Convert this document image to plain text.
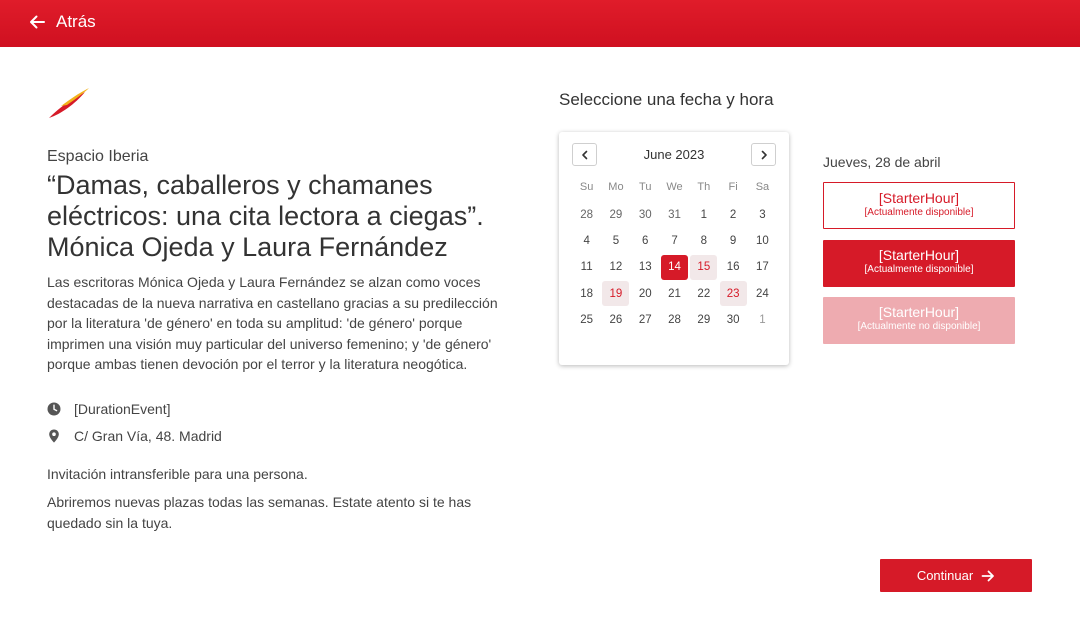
Atrás
Espacio Iberia
“Damas, caballeros y chamanes eléctricos: una cita lectora a ciegas”. Mónica Ojeda y Laura Fernández
Las escritoras Mónica Ojeda y Laura Fernández se alzan como voces destacadas de la nueva narrativa en castellano gracias a su predilección por la literatura 'de género' en toda su amplitud: 'de género' porque imprimen una visión muy particular del universo femenino; y 'de género' porque ambas tienen devoción por el terror y la literatura neogótica.
[DurationEvent]
C/ Gran Vía, 48. Madrid
Invitación intransferible para una persona.
Abriremos nuevas plazas todas las semanas. Estate atento si te has quedado sin la tuya.
Seleccione una fecha y hora
June 2023
Su	Mo	Tu	We	Th	Fi	Sa
28	29	30	31	1	2	3
4	5	6	7	8	9	10
11	12	13	14	15	16	17
18	19	20	21	22	23	24
25	26	27	28	29	30	1
Jueves, 28 de abril
[StarterHour]
[Actualmente disponible]
[StarterHour]
[Actualmente disponible]
[StarterHour]
[Actualmente no disponible]
Continuar
